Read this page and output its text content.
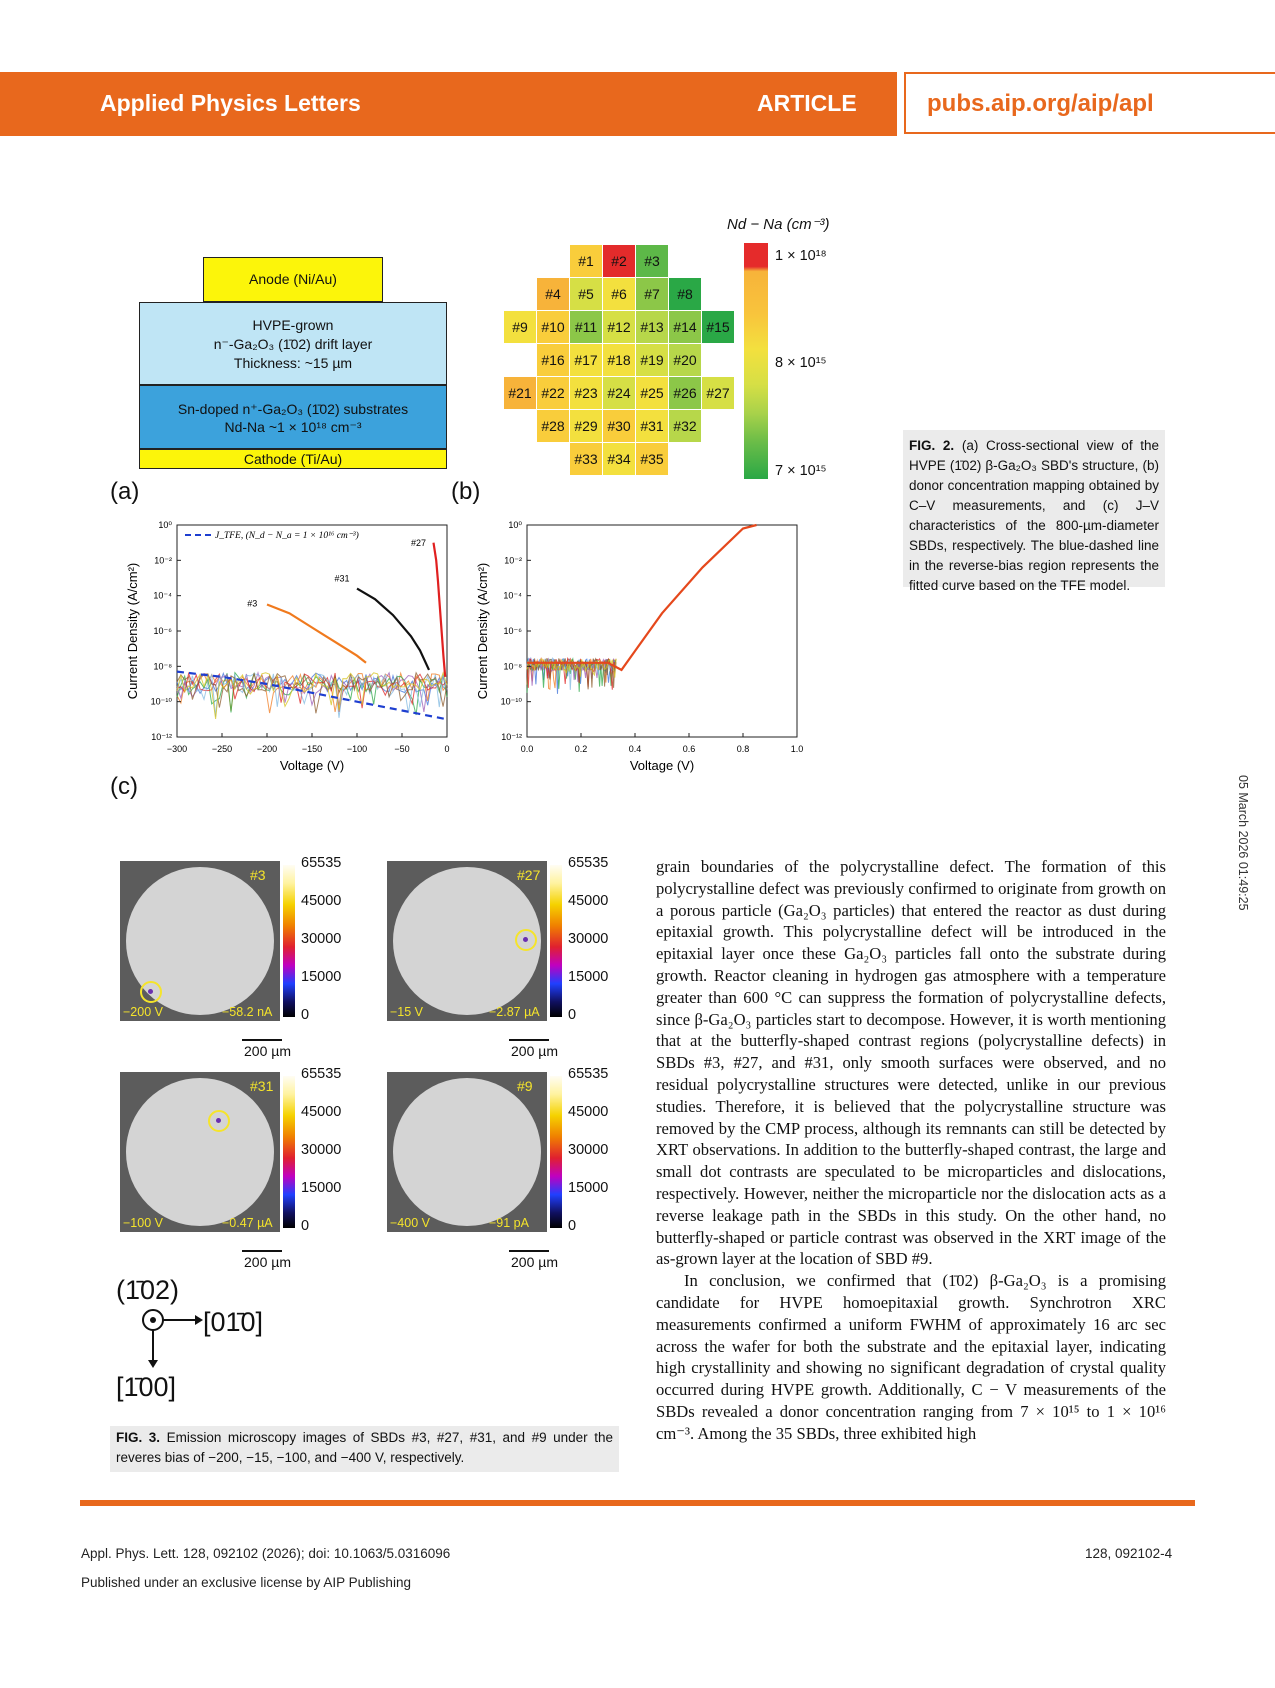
Applied Physics Letters	ARTICLE	pubs.aip.org/aip/apl
Anode (Ni/Au)
HVPE-grown
n⁻-Ga₂O₃ (1̄02) drift layer
Thickness: ~15 µm
Sn-doped n⁺-Ga₂O₃ (1̄02) substrates
Nd-Na ~1 × 10¹⁸ cm⁻³
Cathode (Ti/Au)
(a)	(b)
(c)
#1	#2	#3
#4	#5	#6	#7	#8
#9 #10 #11 #12 #13 #14 #15
#16 #17 #18 #19 #20
#21 #22 #23 #24 #25 #26 #27
#28 #29 #30 #31 #32
#33 #34 #35
Nd − Na (cm⁻³)
1 × 10¹⁸
8 × 10¹⁵
7 × 10¹⁵
−300	−250	−200	−150	−100	−50	0
10⁰
10⁻²
10⁻⁴
10⁻⁶
10⁻⁸
10⁻¹⁰
10⁻¹²
Voltage (V)
Current Density (A/cm²)
J_TFE, (N_d − N_a = 1 × 10¹⁶ cm⁻³)
#27
#31
#3
0.0	0.2	0.4	0.6	0.8	1.0
10⁰
10⁻²
10⁻⁴
10⁻⁶
10⁻⁸
10⁻¹⁰
10⁻¹²
Voltage (V)
Current Density (A/cm²)
FIG. 2. (a) Cross-sectional view of the HVPE (1̄02) β-Ga₂O₃ SBD's structure, (b) donor concentration mapping obtained by C–V measurements, and (c) J–V characteristics of the 800-µm-diameter SBDs, respectively. The blue-dashed line in the reverse-bias region represents the fitted curve based on the TFE model.
#3
−200 V	−58.2 nA
65535
45000
30000
15000
0
200 µm
#27
−15 V	−2.87 µA
65535
45000
30000
15000
0
200 µm
#31
−100 V	−0.47 µA
65535
45000
30000
15000
0
200 µm
#9
−400 V	−91 pA
65535
45000
30000
15000
0
200 µm
(1̄02)
[01̄0]
[1̄00]
FIG. 3. Emission microscopy images of SBDs #3, #27, #31, and #9 under the reveres bias of −200, −15, −100, and −400 V, respectively.

grain boundaries of the polycrystalline defect. The formation of this polycrystalline defect was previously confirmed to originate from growth on a porous particle (Ga₂O₃ particles) that entered the reactor as dust during epitaxial growth. This polycrystalline defect will be introduced in the epitaxial layer once these Ga₂O₃ particles fall onto the substrate during growth. Reactor cleaning in hydrogen gas atmosphere with a temperature greater than 600 °C can suppress the formation of polycrystalline defects, since β-Ga₂O₃ particles start to decompose. However, it is worth mentioning that at the butterfly-shaped contrast regions (polycrystalline defects) in SBDs #3, #27, and #31, only smooth surfaces were observed, and no residual polycrystalline structures were detected, unlike in our previous studies. Therefore, it is believed that the polycrystalline structure was removed by the CMP process, although its remnants can still be detected by XRT observations. In addition to the butterfly-shaped contrast, the large and small dot contrasts are speculated to be microparticles and dislocations, respectively. However, neither the microparticle nor the dislocation acts as a reverse leakage path in the SBDs in this study. On the other hand, no butterfly-shaped or particle contrast was observed in the XRT image of the as-grown layer at the location of SBD #9.

In conclusion, we confirmed that (1̄02) β-Ga₂O₃ is a promising candidate for HVPE homoepitaxial growth. Synchrotron XRC measurements confirmed a uniform FWHM of approximately 16 arc sec across the wafer for both the substrate and the epitaxial layer, indicating high crystallinity and showing no significant degradation of crystal quality occurred during HVPE growth. Additionally, C − V measurements of the SBDs revealed a donor concentration ranging from 7 × 10¹⁵ to 1 × 10¹⁶ cm⁻³. Among the 35 SBDs, three exhibited high

Appl. Phys. Lett. 128, 092102 (2026); doi: 10.1063/5.0316096
Published under an exclusive license by AIP Publishing
128, 092102-4
05 March 2026 01:49:25
